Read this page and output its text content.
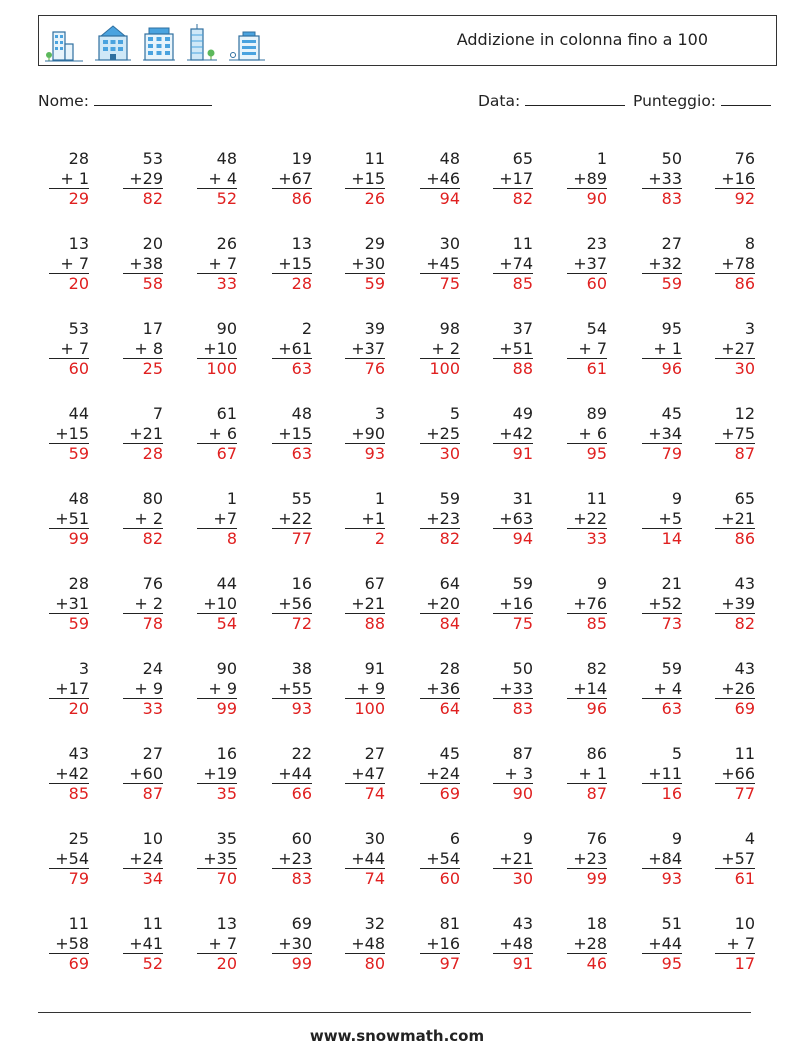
Addizione in colonna fino a 100
Nome:	Data:	Punteggio:
28
+ 1
29
53
+29
82
48
+ 4
52
19
+67
86
11
+15
26
48
+46
94
65
+17
82
1
+89
90
50
+33
83
76
+16
92
13
+ 7
20
20
+38
58
26
+ 7
33
13
+15
28
29
+30
59
30
+45
75
11
+74
85
23
+37
60
27
+32
59
8
+78
86
53
+ 7
60
17
+ 8
25
90
+10
100
2
+61
63
39
+37
76
98
+ 2
100
37
+51
88
54
+ 7
61
95
+ 1
96
3
+27
30
44
+15
59
7
+21
28
61
+ 6
67
48
+15
63
3
+90
93
5
+25
30
49
+42
91
89
+ 6
95
45
+34
79
12
+75
87
48
+51
99
80
+ 2
82
1
+7
8
55
+22
77
1
+1
2
59
+23
82
31
+63
94
11
+22
33
9
+5
14
65
+21
86
28
+31
59
76
+ 2
78
44
+10
54
16
+56
72
67
+21
88
64
+20
84
59
+16
75
9
+76
85
21
+52
73
43
+39
82
3
+17
20
24
+ 9
33
90
+ 9
99
38
+55
93
91
+ 9
100
28
+36
64
50
+33
83
82
+14
96
59
+ 4
63
43
+26
69
43
+42
85
27
+60
87
16
+19
35
22
+44
66
27
+47
74
45
+24
69
87
+ 3
90
86
+ 1
87
5
+11
16
11
+66
77
25
+54
79
10
+24
34
35
+35
70
60
+23
83
30
+44
74
6
+54
60
9
+21
30
76
+23
99
9
+84
93
4
+57
61
11
+58
69
11
+41
52
13
+ 7
20
69
+30
99
32
+48
80
81
+16
97
43
+48
91
18
+28
46
51
+44
95
10
+ 7
17
www.snowmath.com
